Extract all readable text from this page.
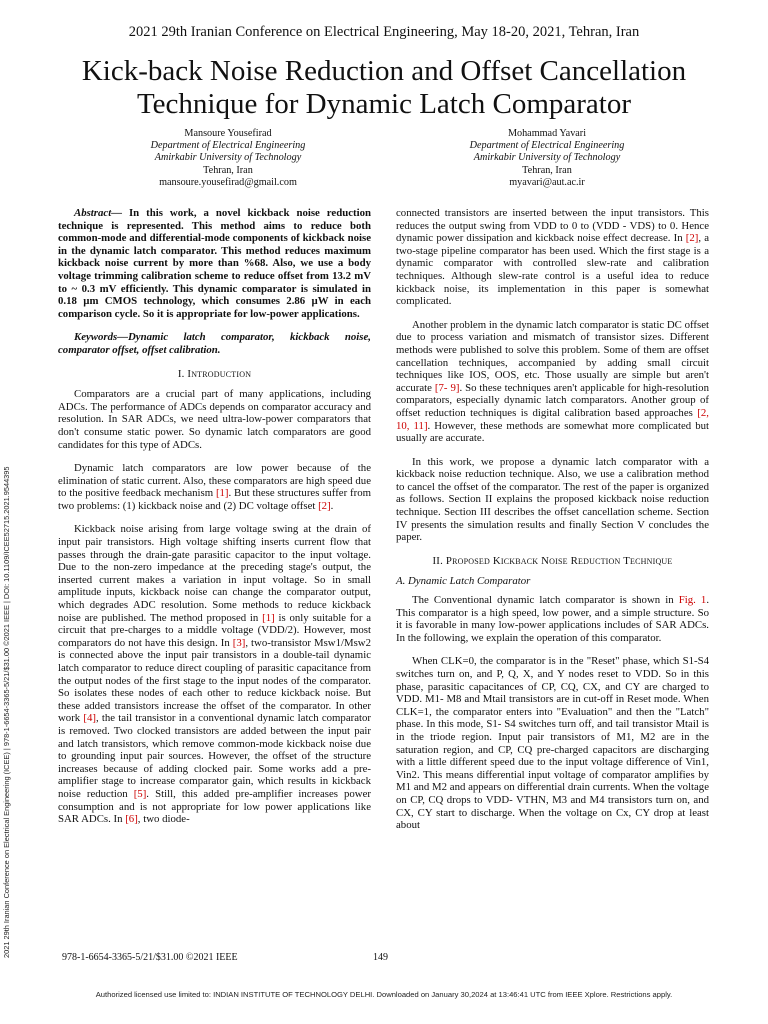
2021 29th Iranian Conference on Electrical Engineering, May 18-20, 2021, Tehran, Iran
Kick-back Noise Reduction and Offset Cancellation
Technique for Dynamic Latch Comparator
Mansoure Yousefirad
Department of Electrical Engineering
Amirkabir University of Technology
Tehran, Iran
mansoure.yousefirad@gmail.com
Mohammad Yavari
Department of Electrical Engineering
Amirkabir University of Technology
Tehran, Iran
myavari@aut.ac.ir

Abstract— In this work, a novel kickback noise reduction technique is represented. This method aims to reduce both common-mode and differential-mode components of kickback noise in the dynamic latch comparator. This method reduces maximum kickback noise current by more than %68. Also, we use a body voltage trimming calibration scheme to reduce offset from 13.2 mV to ~ 0.3 mV efficiently. This dynamic comparator is simulated in 0.18 µm CMOS technology, which consumes 2.86 µW in each comparison cycle. So it is appropriate for low-power applications.

Keywords—Dynamic latch comparator, kickback noise, comparator offset, offset calibration.

I. Introduction

Comparators are a crucial part of many applications, including ADCs. The performance of ADCs depends on comparator accuracy and resolution. In SAR ADCs, we need ultra-low-power comparators that don't consume static power. So dynamic latch comparators are good candidates for this type of ADCs.

Dynamic latch comparators are low power because of the elimination of static current. Also, these comparators are high speed due to the positive feedback mechanism [1]. But these structures suffer from two problems: (1) kickback noise and (2) DC voltage offset [2].

Kickback noise arising from large voltage swing at the drain of input pair transistors. High voltage shifting inserts current flow that passes through the drain-gate parasitic capacitor to the input voltage. Due to the non-zero impedance at the preceding stage's output, the inserted current makes a variation in input voltage. So in small amplitude inputs, kickback noise can change the comparator output, which degrades ADC resolution. Some methods to reduce kickback noise are published. The method proposed in [1] is only suitable for a circuit that pre-charges to a middle voltage (VDD/2). However, most comparators do not have this design. In [3], two-transistor Msw1/Msw2 is connected above the input pair transistors in a double-tail dynamic latch comparator to reduce direct coupling of parasitic capacitance from the output nodes of the first stage to the input nodes of the comparator. So isolates these nodes of each other to reduce kickback noise. But these added transistors increase the offset of the comparator. In other work [4], the tail transistor in a conventional dynamic latch comparator is removed. Two clocked transistors are added between the input pair and latch transistors, which remove common-mode kickback noise due to grounding input pair sources. However, the offset of the structure increases because of adding clocked pair. Some works add a pre-amplifier stage to increase comparator gain, which results in kickback noise reduction [5]. Still, this added pre-amplifier increases power consumption and is not appropriate for low power applications like SAR ADCs. In [6], two diode-

connected transistors are inserted between the input transistors. This reduces the output swing from VDD to 0 to (VDD - VDS) to 0. Hence dynamic power dissipation and kickback noise effect decrease. In [2], a two-stage pipeline comparator has been used. Which the first stage is a dynamic comparator with controlled slew-rate and calibration techniques. Although slew-rate control is a useful idea to reduce kickback noise, its implementation in this paper is somewhat complicated.

Another problem in the dynamic latch comparator is static DC offset due to process variation and mismatch of transistor sizes. Different methods were published to solve this problem. Some of them are offset cancellation techniques, accompanied by adding small circuit techniques like IOS, OOS, etc. Those usually are simple but aren't accurate [7- 9]. So these techniques aren't applicable for high-resolution comparators, especially dynamic latch comparators. Another group of offset reduction techniques is digital calibration based approaches [2, 10, 11]. However, these methods are somewhat more complicated but usually are accurate.

In this work, we propose a dynamic latch comparator with a kickback noise reduction technique. Also, we use a calibration method to cancel the offset of the comparator. The rest of the paper is organized as follows. Section II explains the proposed kickback noise reduction technique. Section III describes the offset cancellation scheme. Section IV presents the simulation results and finally Section V concludes the paper.

II. Proposed Kickback Noise Reduction Technique
A. Dynamic Latch Comparator

The Conventional dynamic latch comparator is shown in Fig. 1. This comparator is a high speed, low power, and a simple structure. So it is favorable in many low-power applications includes of SAR ADCs. In the following, we explain the operation of this comparator.

When CLK=0, the comparator is in the "Reset" phase, which S1-S4 switches turn on, and P, Q, X, and Y nodes reset to VDD. So in this phase, parasitic capacitances of CP, CQ, CX, and CY are charged to VDD. M1- M8 and Mtail transistors are in cut-off in Reset mode. When CLK=1, the comparator enters into "Evaluation" and then the "Latch" phase. In this mode, S1- S4 switches turn off, and tail transistor Mtail is in the triode region. Input pair transistors of M1, M2 are in the saturation region, and CP, CQ pre-charged capacitors are discharging with a little different speed due to the input voltage difference of Vin1, Vin2. This means differential input voltage of comparator amplifies by M1 and M2 and appears on differential drain currents. When the voltage on CP, CQ drops to VDD- VTHN, M3 and M4 transistors turn on, and CX, CY start to discharge. When the voltage on Cx, CY drop at least about

2021 29th Iranian Conference on Electrical Engineering (ICEE) | 978-1-6654-3365-5/21/$31.00 ©2021 IEEE | DOI: 10.1109/ICEE52715.2021.9544395	978-1-6654-3365-5/21/$31.00 ©2021 IEEE	149
Authorized licensed use limited to: INDIAN INSTITUTE OF TECHNOLOGY DELHI. Downloaded on January 30,2024 at 13:46:41 UTC from IEEE Xplore. Restrictions apply.
